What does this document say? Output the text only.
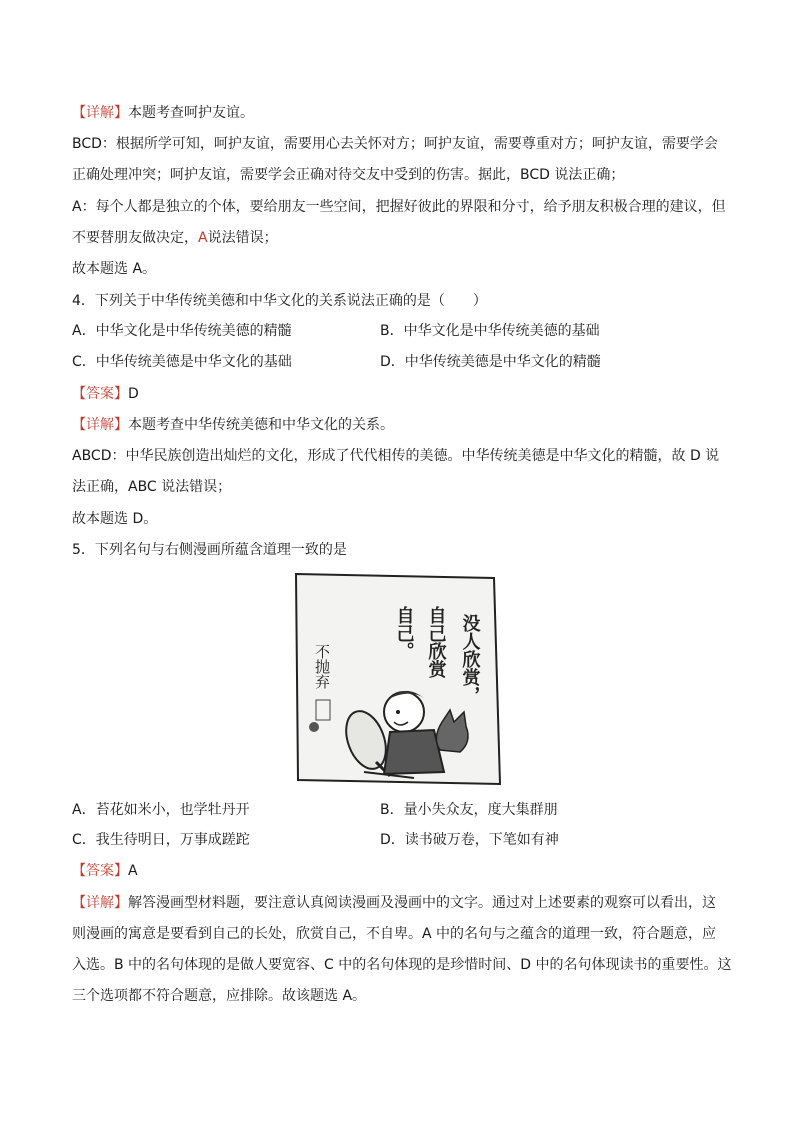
【详解】本题考查呵护友谊。
BCD：根据所学可知，呵护友谊，需要用心去关怀对方；呵护友谊，需要尊重对方；呵护友谊，需要学会
正确处理冲突；呵护友谊，需要学会正确对待交友中受到的伤害。据此，BCD 说法正确；
A：每个人都是独立的个体，要给朋友一些空间，把握好彼此的界限和分寸，给予朋友积极合理的建议，但
不要替朋友做决定，A说法错误；
故本题选 A。
4．下列关于中华传统美德和中华文化的关系说法正确的是（　　）
A．中华文化是中华传统美德的精髓	B．中华文化是中华传统美德的基础
C．中华传统美德是中华文化的基础	D．中华传统美德是中华文化的精髓
【答案】D
【详解】本题考查中华传统美德和中华文化的关系。
ABCD：中华民族创造出灿烂的文化，形成了代代相传的美德。中华传统美德是中华文化的精髓，故 D 说
法正确，ABC 说法错误；
故本题选 D。
5．下列名句与右侧漫画所蕴含道理一致的是
没人欣赏，
自己欣赏
自己。
不抛弃
A．苔花如米小，也学牡丹开	B．量小失众友，度大集群朋
C．我生待明日，万事成蹉跎	D．读书破万卷，下笔如有神
【答案】A
【详解】解答漫画型材料题，要注意认真阅读漫画及漫画中的文字。通过对上述要素的观察可以看出，这
则漫画的寓意是要看到自己的长处，欣赏自己，不自卑。A 中的名句与之蕴含的道理一致，符合题意，应
入选。B 中的名句体现的是做人要宽容、C 中的名句体现的是珍惜时间、D 中的名句体现读书的重要性。这
三个选项都不符合题意，应排除。故该题选 A。
